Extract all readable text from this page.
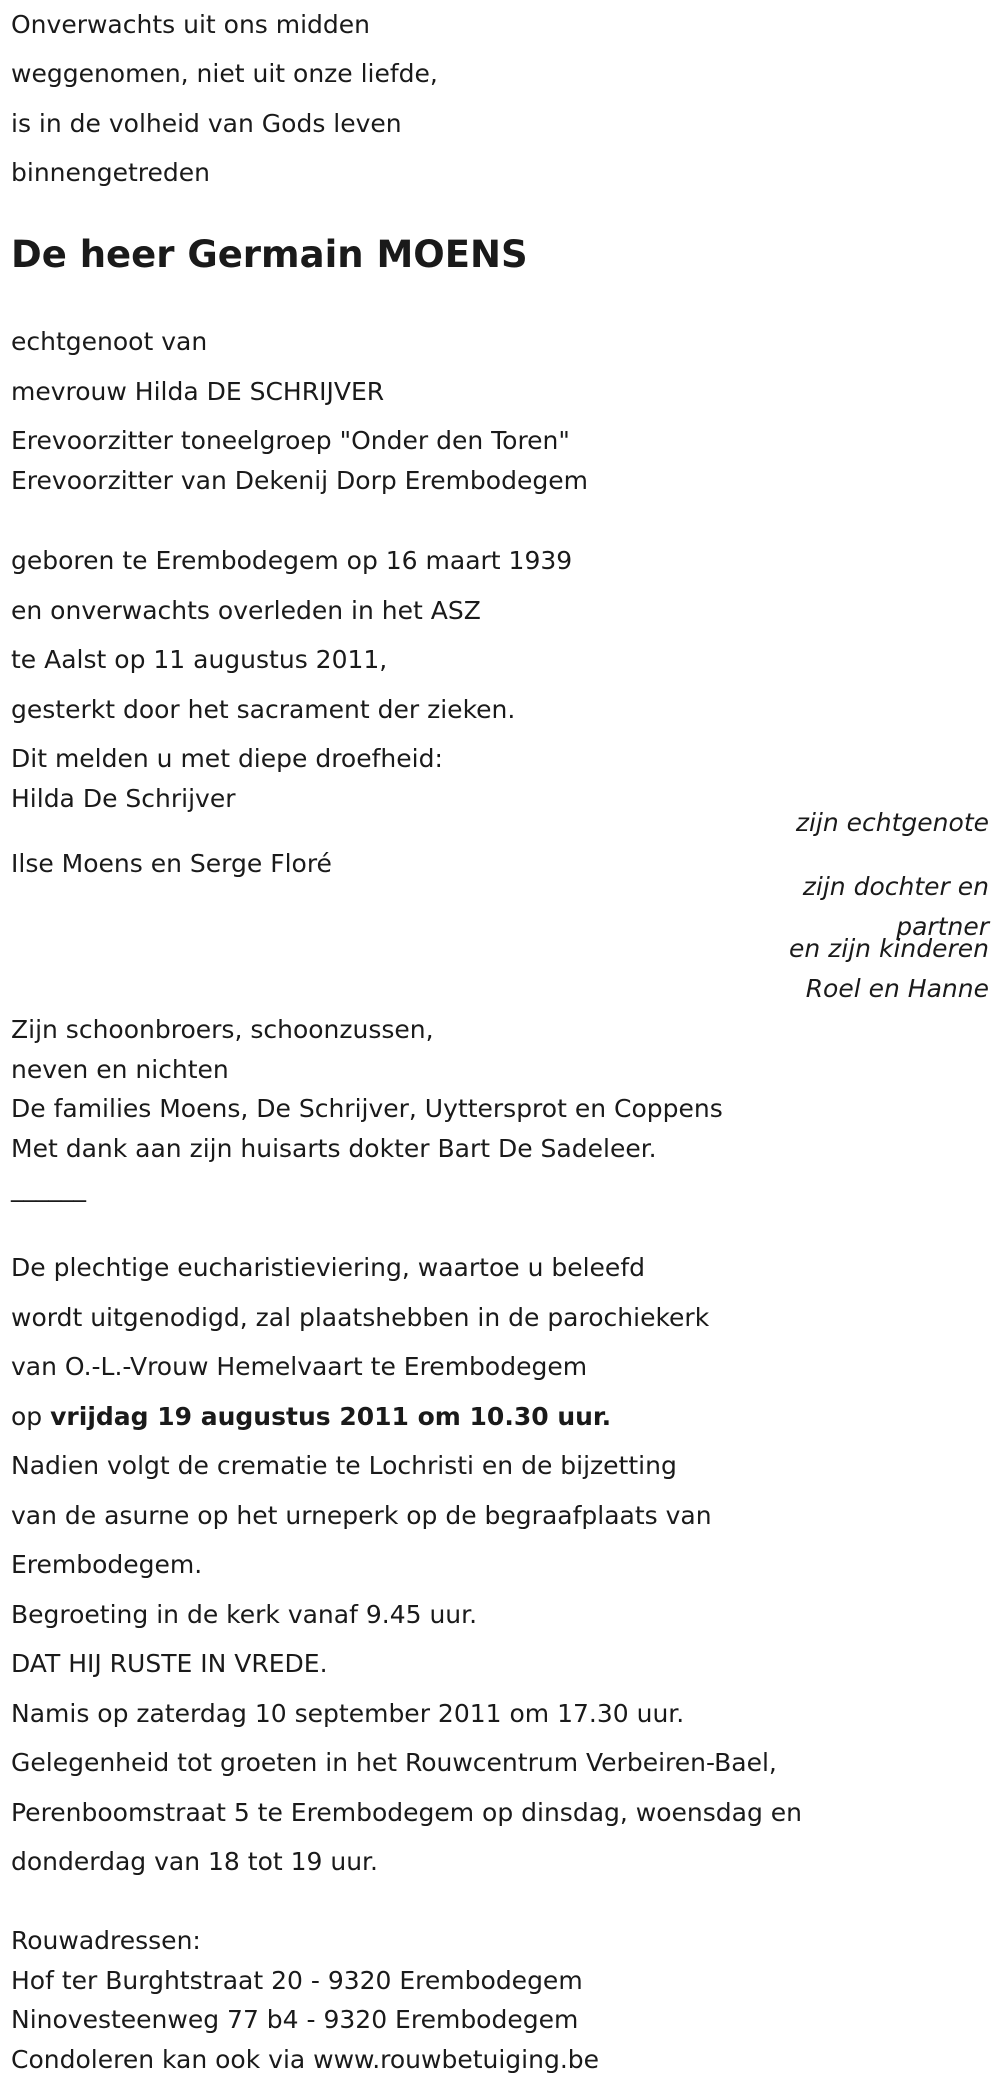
Onverwachts uit ons midden
weggenomen, niet uit onze liefde,
is in de volheid van Gods leven
binnengetreden
De heer Germain MOENS
echtgenoot van
mevrouw Hilda DE SCHRIJVER
Erevoorzitter toneelgroep "Onder den Toren"
Erevoorzitter van Dekenij Dorp Erembodegem
geboren te Erembodegem op 16 maart 1939
en onverwachts overleden in het ASZ
te Aalst op 11 augustus 2011,
gesterkt door het sacrament der zieken.
Dit melden u met diepe droefheid:
Hilda De Schrijver
zijn echtgenote
Ilse Moens en Serge Floré
zijn dochter en
partner
en zijn kinderen
Roel en Hanne
Zijn schoonbroers, schoonzussen,
neven en nichten
De families Moens, De Schrijver, Uyttersprot en Coppens
Met dank aan zijn huisarts dokter Bart De Sadeleer.
______
De plechtige eucharistieviering, waartoe u beleefd
wordt uitgenodigd, zal plaatshebben in de parochiekerk
van O.-L.-Vrouw Hemelvaart te Erembodegem
op vrijdag 19 augustus 2011 om 10.30 uur.
Nadien volgt de crematie te Lochristi en de bijzetting
van de asurne op het urneperk op de begraafplaats van
Erembodegem.
Begroeting in de kerk vanaf 9.45 uur.
DAT HIJ RUSTE IN VREDE.
Namis op zaterdag 10 september 2011 om 17.30 uur.
Gelegenheid tot groeten in het Rouwcentrum Verbeiren-Bael,
Perenboomstraat 5 te Erembodegem op dinsdag, woensdag en
donderdag van 18 tot 19 uur.
Rouwadressen:
Hof ter Burghtstraat 20 - 9320 Erembodegem
Ninovesteenweg 77 b4 - 9320 Erembodegem
Condoleren kan ook via www.rouwbetuiging.be
